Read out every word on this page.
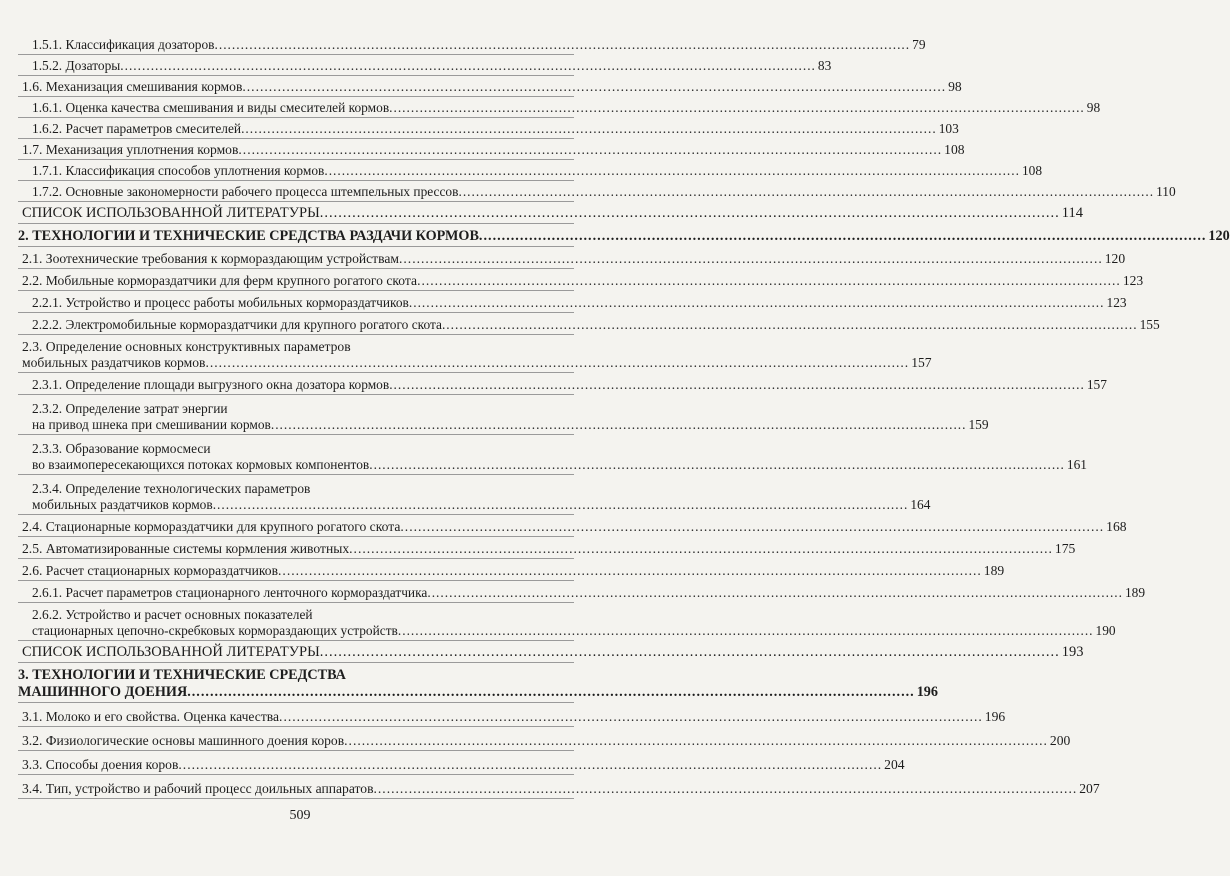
1.5.1. Классификация дозаторов .....	79
1.5.2. Дозаторы .....	83
1.6. Механизация смешивания кормов .....	98
1.6.1. Оценка качества смешивания и виды смесителей кормов .....	98
1.6.2. Расчет параметров смесителей .....	103
1.7. Механизация уплотнения кормов .....	108
1.7.1. Классификация способов уплотнения кормов .....	108
1.7.2. Основные закономерности рабочего процесса штемпельных прессов .....	110
СПИСОК ИСПОЛЬЗОВАННОЙ ЛИТЕРАТУРЫ .....	114
2. ТЕХНОЛОГИИ И ТЕХНИЧЕСКИЕ СРЕДСТВА РАЗДАЧИ КОРМОВ .....	120
2.1. Зоотехнические требования к кормораздающим устройствам .....	120
2.2. Мобильные кормораздатчики для ферм крупного рогатого скота .....	123
2.2.1. Устройство и процесс работы мобильных кормораздатчиков .....	123
2.2.2. Электромобильные кормораздатчики для крупного рогатого скота .....	155
2.3. Определение основных конструктивных параметров
мобильных раздатчиков кормов .....	157
2.3.1. Определение площади выгрузного окна дозатора кормов .....	157
2.3.2. Определение затрат энергии
на привод шнека при смешивании кормов .....	159
2.3.3. Образование кормосмеси
во взаимопересекающихся потоках кормовых компонентов .....	161
2.3.4. Определение технологических параметров
мобильных раздатчиков кормов .....	164
2.4. Стационарные кормораздатчики для крупного рогатого скота .....	168
2.5. Автоматизированные системы кормления животных .....	175
2.6. Расчет стационарных кормораздатчиков .....	189
2.6.1. Расчет параметров стационарного ленточного кормораздатчика .....	189
2.6.2. Устройство и расчет основных показателей
стационарных цепочно-скребковых кормораздающих устройств .....	190
СПИСОК ИСПОЛЬЗОВАННОЙ ЛИТЕРАТУРЫ .....	193
3. ТЕХНОЛОГИИ И ТЕХНИЧЕСКИЕ СРЕДСТВА
МАШИННОГО ДОЕНИЯ .....	196
3.1. Молоко и его свойства. Оценка качества .....	196
3.2. Физиологические основы машинного доения коров .....	200
3.3. Способы доения коров .....	204
3.4. Тип, устройство и рабочий процесс доильных аппаратов .....	207
509
